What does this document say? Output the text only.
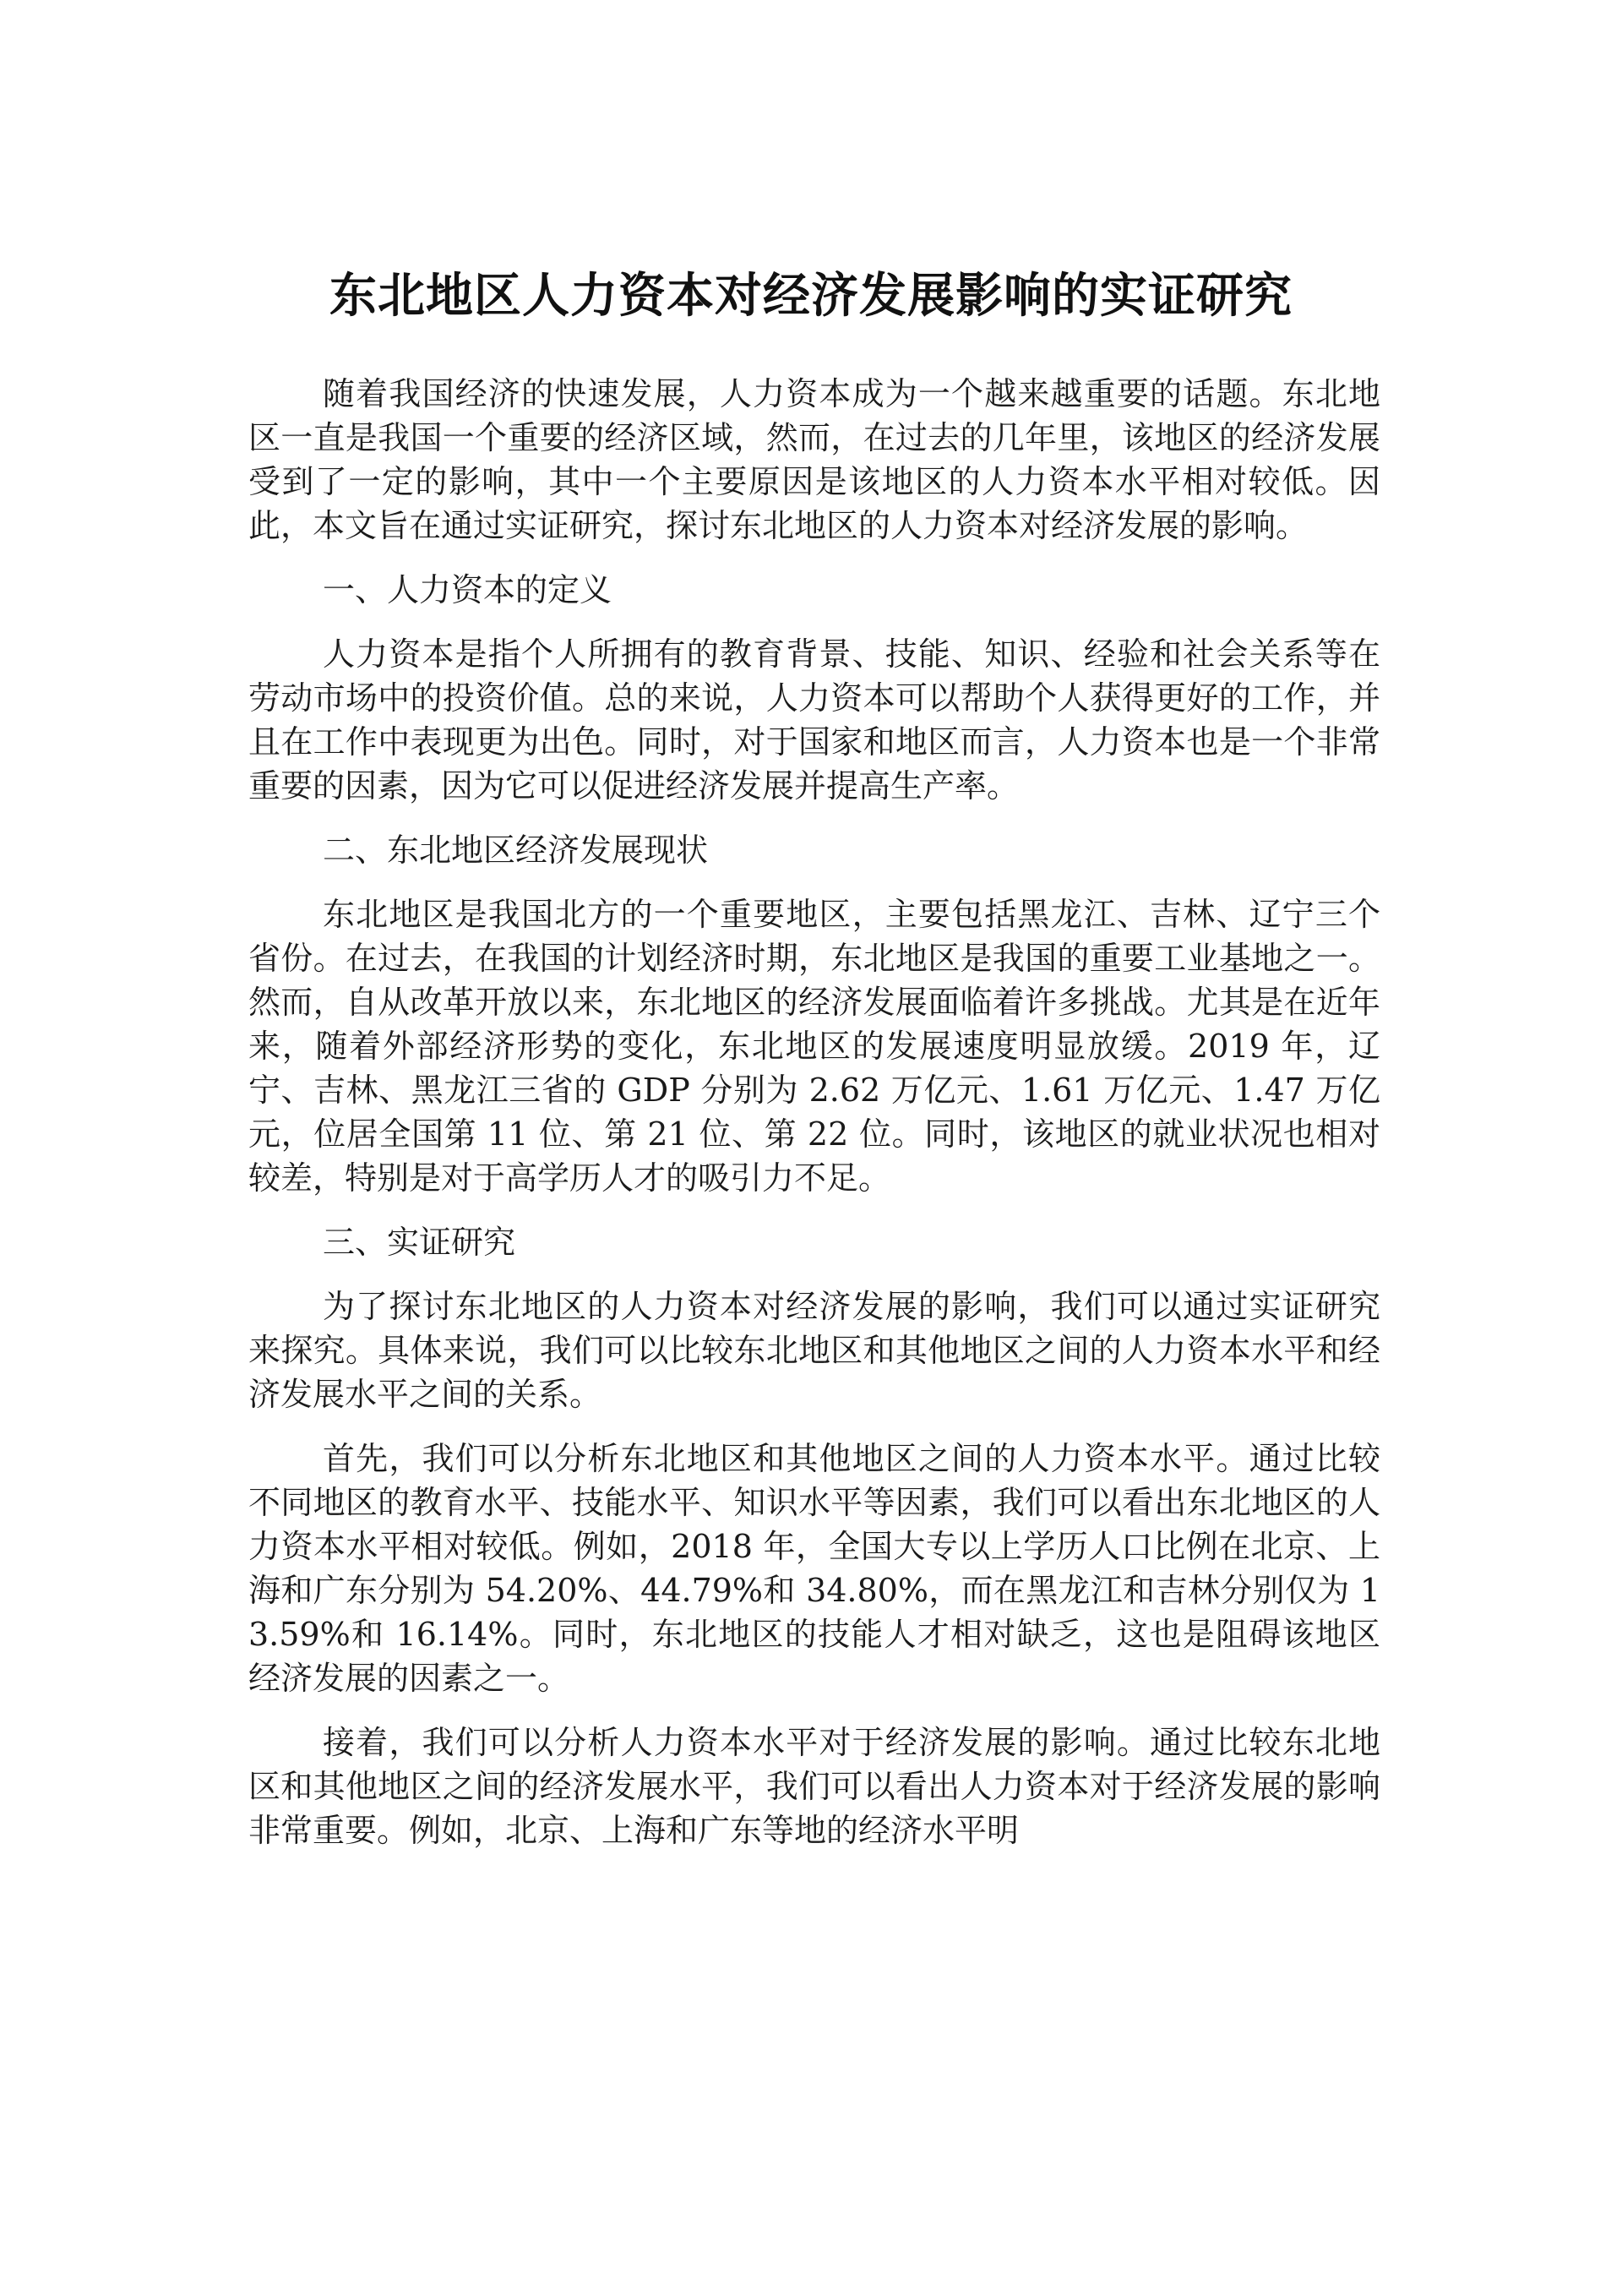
东北地区人力资本对经济发展影响的实证研究

随着我国经济的快速发展，人力资本成为一个越来越重要的话题。东北地区一直是我国一个重要的经济区域，然而，在过去的几年里，该地区的经济发展受到了一定的影响，其中一个主要原因是该地区的人力资本水平相对较低。因此，本文旨在通过实证研究，探讨东北地区的人力资本对经济发展的影响。

一、人力资本的定义

人力资本是指个人所拥有的教育背景、技能、知识、经验和社会关系等在劳动市场中的投资价值。总的来说，人力资本可以帮助个人获得更好的工作，并且在工作中表现更为出色。同时，对于国家和地区而言，人力资本也是一个非常重要的因素，因为它可以促进经济发展并提高生产率。

二、东北地区经济发展现状

东北地区是我国北方的一个重要地区，主要包括黑龙江、吉林、辽宁三个省份。在过去，在我国的计划经济时期，东北地区是我国的重要工业基地之一。然而，自从改革开放以来，东北地区的经济发展面临着许多挑战。尤其是在近年来，随着外部经济形势的变化，东北地区的发展速度明显放缓。2019 年，辽宁、吉林、黑龙江三省的 GDP 分别为 2.62 万亿元、1.61 万亿元、1.47 万亿元，位居全国第 11 位、第 21 位、第 22 位。同时，该地区的就业状况也相对较差，特别是对于高学历人才的吸引力不足。

三、实证研究

为了探讨东北地区的人力资本对经济发展的影响，我们可以通过实证研究来探究。具体来说，我们可以比较东北地区和其他地区之间的人力资本水平和经济发展水平之间的关系。

首先，我们可以分析东北地区和其他地区之间的人力资本水平。通过比较不同地区的教育水平、技能水平、知识水平等因素，我们可以看出东北地区的人力资本水平相对较低。例如，2018 年，全国大专以上学历人口比例在北京、上海和广东分别为 54.20%、44.79%和 34.80%，而在黑龙江和吉林分别仅为 13.59%和 16.14%。同时，东北地区的技能人才相对缺乏，这也是阻碍该地区经济发展的因素之一。

接着，我们可以分析人力资本水平对于经济发展的影响。通过比较东北地区和其他地区之间的经济发展水平，我们可以看出人力资本对于经济发展的影响非常重要。例如，北京、上海和广东等地的经济水平明
